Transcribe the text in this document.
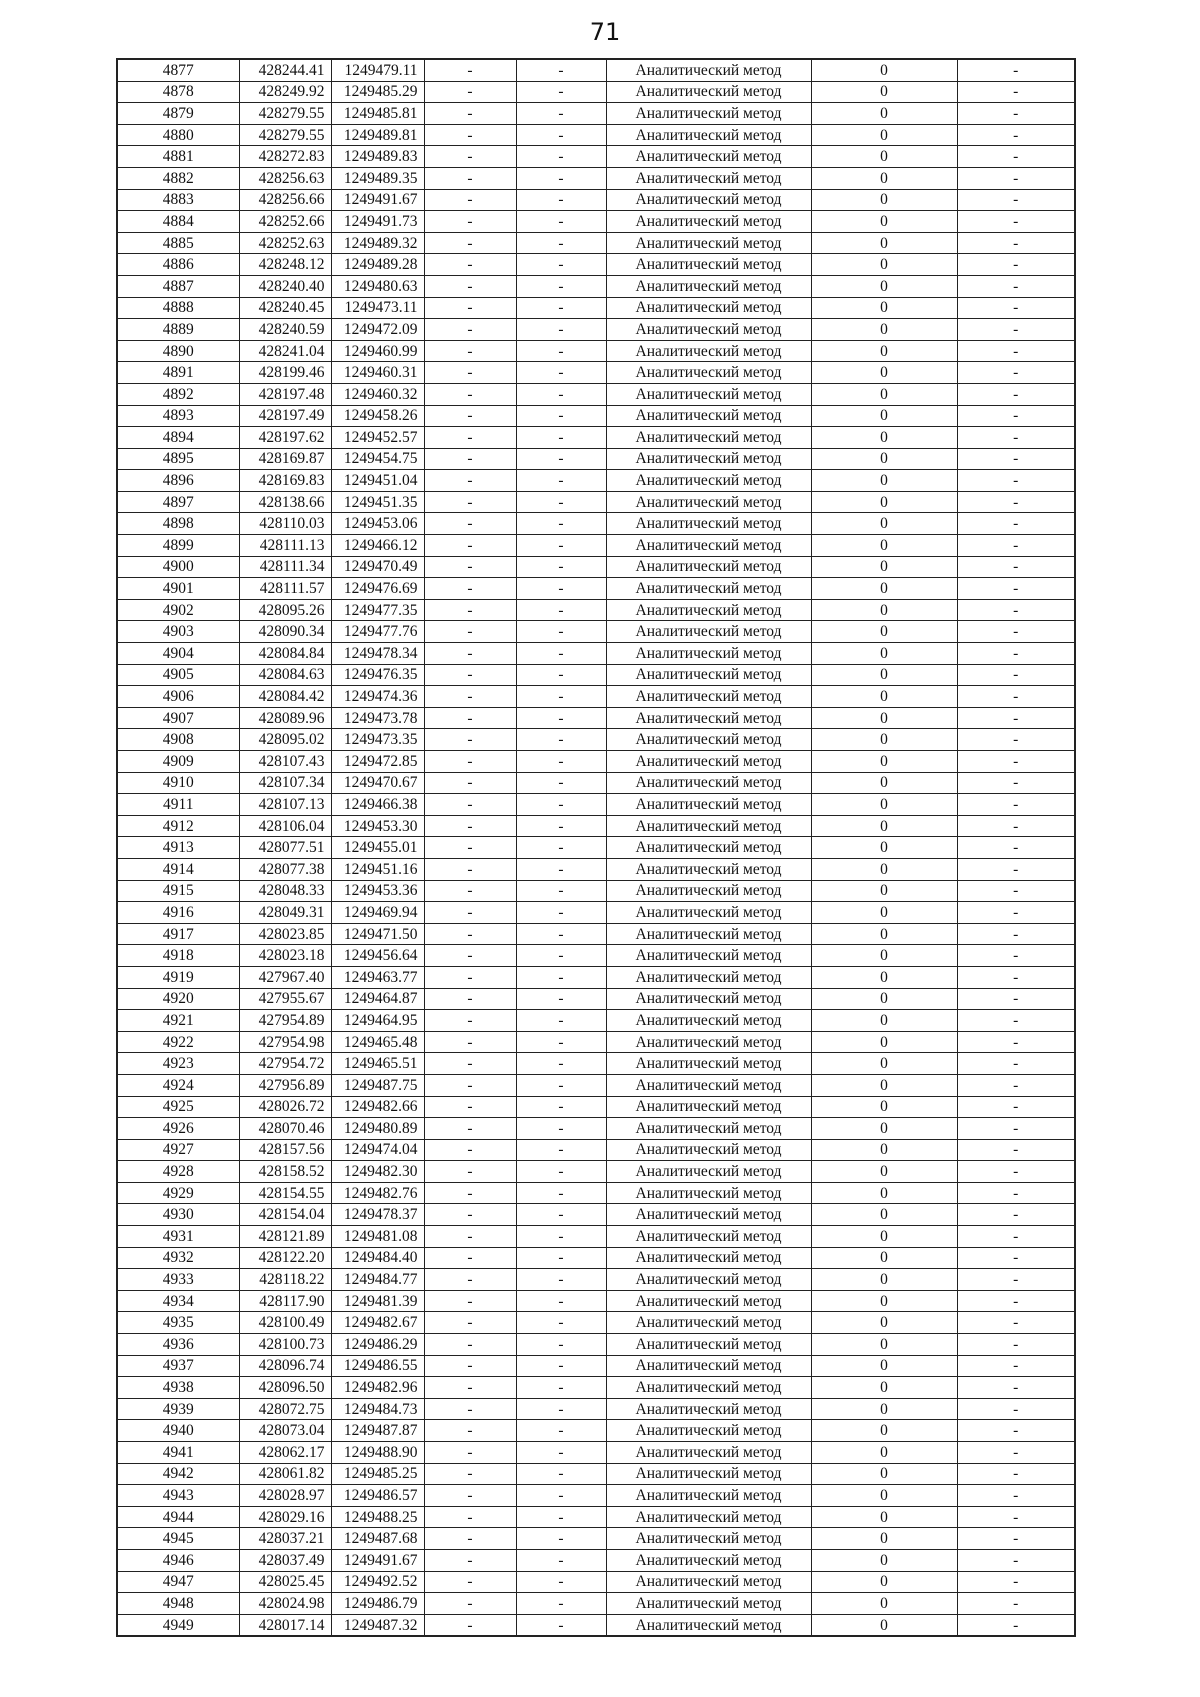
71
4877	428244.41	1249479.11	-	-	Аналитический метод	0	-
4878	428249.92	1249485.29	-	-	Аналитический метод	0	-
4879	428279.55	1249485.81	-	-	Аналитический метод	0	-
4880	428279.55	1249489.81	-	-	Аналитический метод	0	-
4881	428272.83	1249489.83	-	-	Аналитический метод	0	-
4882	428256.63	1249489.35	-	-	Аналитический метод	0	-
4883	428256.66	1249491.67	-	-	Аналитический метод	0	-
4884	428252.66	1249491.73	-	-	Аналитический метод	0	-
4885	428252.63	1249489.32	-	-	Аналитический метод	0	-
4886	428248.12	1249489.28	-	-	Аналитический метод	0	-
4887	428240.40	1249480.63	-	-	Аналитический метод	0	-
4888	428240.45	1249473.11	-	-	Аналитический метод	0	-
4889	428240.59	1249472.09	-	-	Аналитический метод	0	-
4890	428241.04	1249460.99	-	-	Аналитический метод	0	-
4891	428199.46	1249460.31	-	-	Аналитический метод	0	-
4892	428197.48	1249460.32	-	-	Аналитический метод	0	-
4893	428197.49	1249458.26	-	-	Аналитический метод	0	-
4894	428197.62	1249452.57	-	-	Аналитический метод	0	-
4895	428169.87	1249454.75	-	-	Аналитический метод	0	-
4896	428169.83	1249451.04	-	-	Аналитический метод	0	-
4897	428138.66	1249451.35	-	-	Аналитический метод	0	-
4898	428110.03	1249453.06	-	-	Аналитический метод	0	-
4899	428111.13	1249466.12	-	-	Аналитический метод	0	-
4900	428111.34	1249470.49	-	-	Аналитический метод	0	-
4901	428111.57	1249476.69	-	-	Аналитический метод	0	-
4902	428095.26	1249477.35	-	-	Аналитический метод	0	-
4903	428090.34	1249477.76	-	-	Аналитический метод	0	-
4904	428084.84	1249478.34	-	-	Аналитический метод	0	-
4905	428084.63	1249476.35	-	-	Аналитический метод	0	-
4906	428084.42	1249474.36	-	-	Аналитический метод	0	-
4907	428089.96	1249473.78	-	-	Аналитический метод	0	-
4908	428095.02	1249473.35	-	-	Аналитический метод	0	-
4909	428107.43	1249472.85	-	-	Аналитический метод	0	-
4910	428107.34	1249470.67	-	-	Аналитический метод	0	-
4911	428107.13	1249466.38	-	-	Аналитический метод	0	-
4912	428106.04	1249453.30	-	-	Аналитический метод	0	-
4913	428077.51	1249455.01	-	-	Аналитический метод	0	-
4914	428077.38	1249451.16	-	-	Аналитический метод	0	-
4915	428048.33	1249453.36	-	-	Аналитический метод	0	-
4916	428049.31	1249469.94	-	-	Аналитический метод	0	-
4917	428023.85	1249471.50	-	-	Аналитический метод	0	-
4918	428023.18	1249456.64	-	-	Аналитический метод	0	-
4919	427967.40	1249463.77	-	-	Аналитический метод	0	-
4920	427955.67	1249464.87	-	-	Аналитический метод	0	-
4921	427954.89	1249464.95	-	-	Аналитический метод	0	-
4922	427954.98	1249465.48	-	-	Аналитический метод	0	-
4923	427954.72	1249465.51	-	-	Аналитический метод	0	-
4924	427956.89	1249487.75	-	-	Аналитический метод	0	-
4925	428026.72	1249482.66	-	-	Аналитический метод	0	-
4926	428070.46	1249480.89	-	-	Аналитический метод	0	-
4927	428157.56	1249474.04	-	-	Аналитический метод	0	-
4928	428158.52	1249482.30	-	-	Аналитический метод	0	-
4929	428154.55	1249482.76	-	-	Аналитический метод	0	-
4930	428154.04	1249478.37	-	-	Аналитический метод	0	-
4931	428121.89	1249481.08	-	-	Аналитический метод	0	-
4932	428122.20	1249484.40	-	-	Аналитический метод	0	-
4933	428118.22	1249484.77	-	-	Аналитический метод	0	-
4934	428117.90	1249481.39	-	-	Аналитический метод	0	-
4935	428100.49	1249482.67	-	-	Аналитический метод	0	-
4936	428100.73	1249486.29	-	-	Аналитический метод	0	-
4937	428096.74	1249486.55	-	-	Аналитический метод	0	-
4938	428096.50	1249482.96	-	-	Аналитический метод	0	-
4939	428072.75	1249484.73	-	-	Аналитический метод	0	-
4940	428073.04	1249487.87	-	-	Аналитический метод	0	-
4941	428062.17	1249488.90	-	-	Аналитический метод	0	-
4942	428061.82	1249485.25	-	-	Аналитический метод	0	-
4943	428028.97	1249486.57	-	-	Аналитический метод	0	-
4944	428029.16	1249488.25	-	-	Аналитический метод	0	-
4945	428037.21	1249487.68	-	-	Аналитический метод	0	-
4946	428037.49	1249491.67	-	-	Аналитический метод	0	-
4947	428025.45	1249492.52	-	-	Аналитический метод	0	-
4948	428024.98	1249486.79	-	-	Аналитический метод	0	-
4949	428017.14	1249487.32	-	-	Аналитический метод	0	-
